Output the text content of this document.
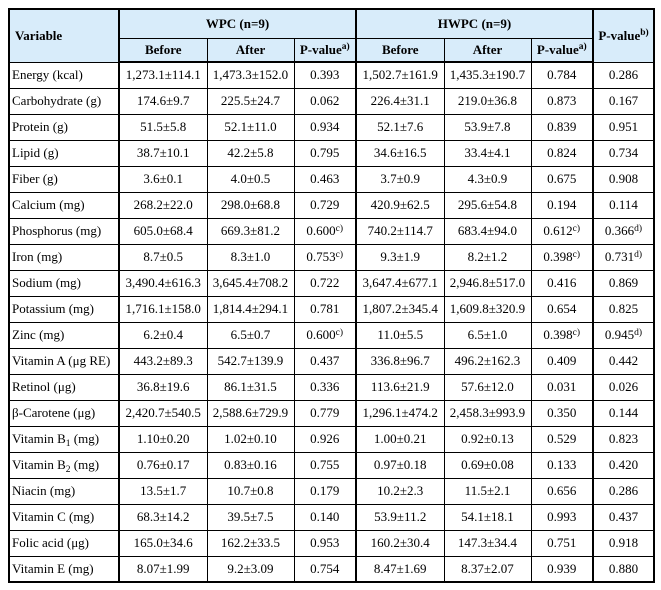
Variable	WPC (n=9)			HWPC (n=9)			P-value$^{b)}$
	Before	After	P-value$^{a)}$	Before	After	P-value$^{a)}$
Energy (kcal)	1,273.1±114.1	1,473.3±152.0	0.393	1,502.7±161.9	1,435.3±190.7	0.784	0.286
Carbohydrate (g)	174.6±9.7	225.5±24.7	0.062	226.4±31.1	219.0±36.8	0.873	0.167
Protein (g)	51.5±5.8	52.1±11.0	0.934	52.1±7.6	53.9±7.8	0.839	0.951
Lipid (g)	38.7±10.1	42.2±5.8	0.795	34.6±16.5	33.4±4.1	0.824	0.734
Fiber (g)	3.6±0.1	4.0±0.5	0.463	3.7±0.9	4.3±0.9	0.675	0.908
Calcium (mg)	268.2±22.0	298.0±68.8	0.729	420.9±62.5	295.6±54.8	0.194	0.114
Phosphorus (mg)	605.0±68.4	669.3±81.2	0.600$^{c)}$	740.2±114.7	683.4±94.0	0.612$^{c)}$	0.366$^{d)}$
Iron (mg)	8.7±0.5	8.3±1.0	0.753$^{c)}$	9.3±1.9	8.2±1.2	0.398$^{c)}$	0.731$^{d)}$
Sodium (mg)	3,490.4±616.3	3,645.4±708.2	0.722	3,647.4±677.1	2,946.8±517.0	0.416	0.869
Potassium (mg)	1,716.1±158.0	1,814.4±294.1	0.781	1,807.2±345.4	1,609.8±320.9	0.654	0.825
Zinc (mg)	6.2±0.4	6.5±0.7	0.600$^{c)}$	11.0±5.5	6.5±1.0	0.398$^{c)}$	0.945$^{d)}$
Vitamin A (μg RE)	443.2±89.3	542.7±139.9	0.437	336.8±96.7	496.2±162.3	0.409	0.442
Retinol (μg)	36.8±19.6	86.1±31.5	0.336	113.6±21.9	57.6±12.0	0.031	0.026
β-Carotene (μg)	2,420.7±540.5	2,588.6±729.9	0.779	1,296.1±474.2	2,458.3±993.9	0.350	0.144
Vitamin $B_1$ (mg)	1.10±0.20	1.02±0.10	0.926	1.00±0.21	0.92±0.13	0.529	0.823
Vitamin $B_2$ (mg)	0.76±0.17	0.83±0.16	0.755	0.97±0.18	0.69±0.08	0.133	0.420
Niacin (mg)	13.5±1.7	10.7±0.8	0.179	10.2±2.3	11.5±2.1	0.656	0.286
Vitamin C (mg)	68.3±14.2	39.5±7.5	0.140	53.9±11.2	54.1±18.1	0.993	0.437
Folic acid (μg)	165.0±34.6	162.2±33.5	0.953	160.2±30.4	147.3±34.4	0.751	0.918
Vitamin E (mg)	8.07±1.99	9.2±3.09	0.754	8.47±1.69	8.37±2.07	0.939	0.880
